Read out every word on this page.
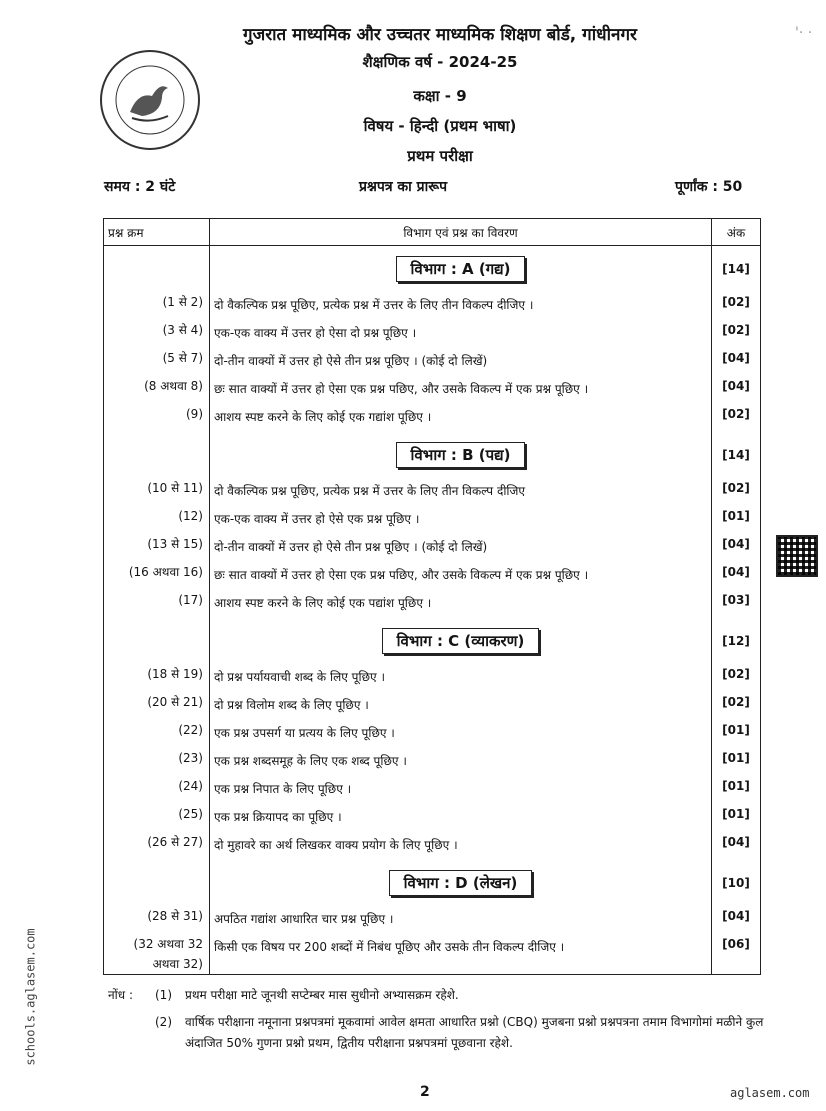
'· ·
गुजरात माध्यमिक और उच्चतर माध्यमिक शिक्षण बोर्ड, गांधीनगर
शैक्षणिक वर्ष - 2024-25
कक्षा - 9
विषय - हिन्दी (प्रथम भाषा)
प्रथम परीक्षा
समय : 2 घंटे	प्रश्नपत्र का प्रारूप	पूर्णांक : 50
प्रश्न क्रम	विभाग एवं प्रश्न का विवरण	अंक
	विभाग : A (गद्य)	[14]
(1 से 2)	दो वैकल्पिक प्रश्न पूछिए, प्रत्येक प्रश्न में उत्तर के लिए तीन विकल्प दीजिए ।	[02]
(3 से 4)	एक-एक वाक्य में उत्तर हो ऐसा दो प्रश्न पूछिए ।	[02]
(5 से 7)	दो-तीन वाक्यों में उत्तर हो ऐसे तीन प्रश्न पूछिए । (कोई दो लिखें)	[04]
(8 अथवा 8)	छः सात वाक्यों में उत्तर हो ऐसा एक प्रश्न पछिए, और उसके विकल्प में एक प्रश्न पूछिए ।	[04]
(9)	आशय स्पष्ट करने के लिए कोई एक गद्यांश पूछिए ।	[02]
	विभाग : B (पद्य)	[14]
(10 से 11)	दो वैकल्पिक प्रश्न पूछिए, प्रत्येक प्रश्न में उत्तर के लिए तीन विकल्प दीजिए	[02]
(12)	एक-एक वाक्य में उत्तर हो ऐसे एक प्रश्न पूछिए ।	[01]
(13 से 15)	दो-तीन वाक्यों में उत्तर हो ऐसे तीन प्रश्न पूछिए । (कोई दो लिखें)	[04]
(16 अथवा 16)	छः सात वाक्यों में उत्तर हो ऐसा एक प्रश्न पछिए, और उसके विकल्प में एक प्रश्न पूछिए ।	[04]
(17)	आशय स्पष्ट करने के लिए कोई एक पद्यांश पूछिए ।	[03]
	विभाग : C (व्याकरण)	[12]
(18 से 19)	दो प्रश्न पर्यायवाची शब्द के लिए पूछिए ।	[02]
(20 से 21)	दो प्रश्न विलोम शब्द के लिए पूछिए ।	[02]
(22)	एक प्रश्न उपसर्ग या प्रत्यय के लिए पूछिए ।	[01]
(23)	एक प्रश्न शब्दसमूह के लिए एक शब्द पूछिए ।	[01]
(24)	एक प्रश्न निपात के लिए पूछिए ।	[01]
(25)	एक प्रश्न क्रियापद का पूछिए ।	[01]
(26 से 27)	दो मुहावरे का अर्थ लिखकर वाक्य प्रयोग के लिए पूछिए ।	[04]
	विभाग : D (लेखन)	[10]
(28 से 31)	अपठित गद्यांश आधारित चार प्रश्न पूछिए ।	[04]
(32 अथवा 32 अथवा 32)	किसी एक विषय पर 200 शब्दों में निबंध पूछिए और उसके तीन विकल्प दीजिए ।	[06]
नोंध :	(1)	प्रथम परीक्षा माटे जूनथी सप्टेम्बर मास सुधीनो अभ्यासक्रम रहेशे.
(2)	वार्षिक परीक्षाना नमूनाना प्रश्नपत्रमां मूकवामां आवेल क्षमता आधारित प्रश्नो (CBQ) मुजबना प्रश्नो प्रश्नपत्रना तमाम विभागोमां मळीने कुल अंदाजित 50% गुणना प्रश्नो प्रथम, द्वितीय परीक्षाना प्रश्नपत्रमां पूछवाना रहेशे.
2	aglasem.com
schools.aglasem.com
